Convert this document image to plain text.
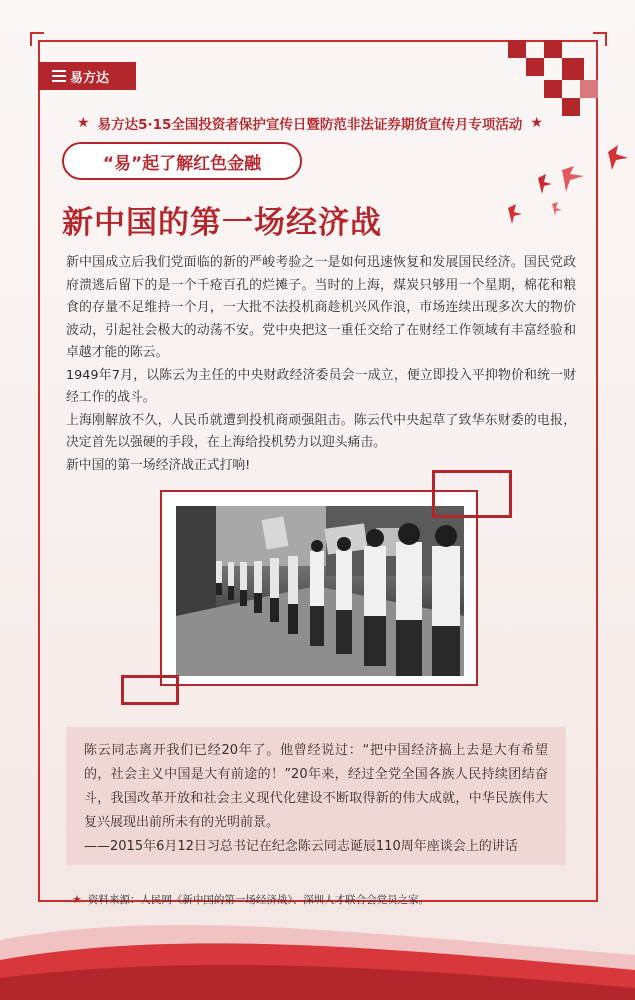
易方达
★ 易方达5·15全国投资者保护宣传日暨防范非法证券期货宣传月专项活动 ★
“易”起了解红色金融
新中国的第一场经济战

新中国成立后我们党面临的新的严峻考验之一是如何迅速恢复和发展国民经济。国民党政府溃逃后留下的是一个千疮百孔的烂摊子。当时的上海，煤炭只够用一个星期，棉花和粮食的存量不足维持一个月，一大批不法投机商趁机兴风作浪，市场连续出现多次大的物价波动，引起社会极大的动荡不安。党中央把这一重任交给了在财经工作领域有丰富经验和卓越才能的陈云。

1949年7月，以陈云为主任的中央财政经济委员会一成立，便立即投入平抑物价和统一财经工作的战斗。

上海刚解放不久，人民币就遭到投机商顽强阻击。陈云代中央起草了致华东财委的电报，决定首先以强硬的手段，在上海给投机势力以迎头痛击。

新中国的第一场经济战正式打响!

陈云同志离开我们已经20年了。他曾经说过：“把中国经济搞上去是大有希望的，社会主义中国是大有前途的！”20年来，经过全党全国各族人民持续团结奋斗，我国改革开放和社会主义现代化建设不断取得新的伟大成就，中华民族伟大复兴展现出前所未有的光明前景。

——2015年6月12日习总书记在纪念陈云同志诞辰110周年座谈会上的讲话

★ 资料来源：人民网《新中国的第一场经济战》、深圳人才联合会党员之家。
